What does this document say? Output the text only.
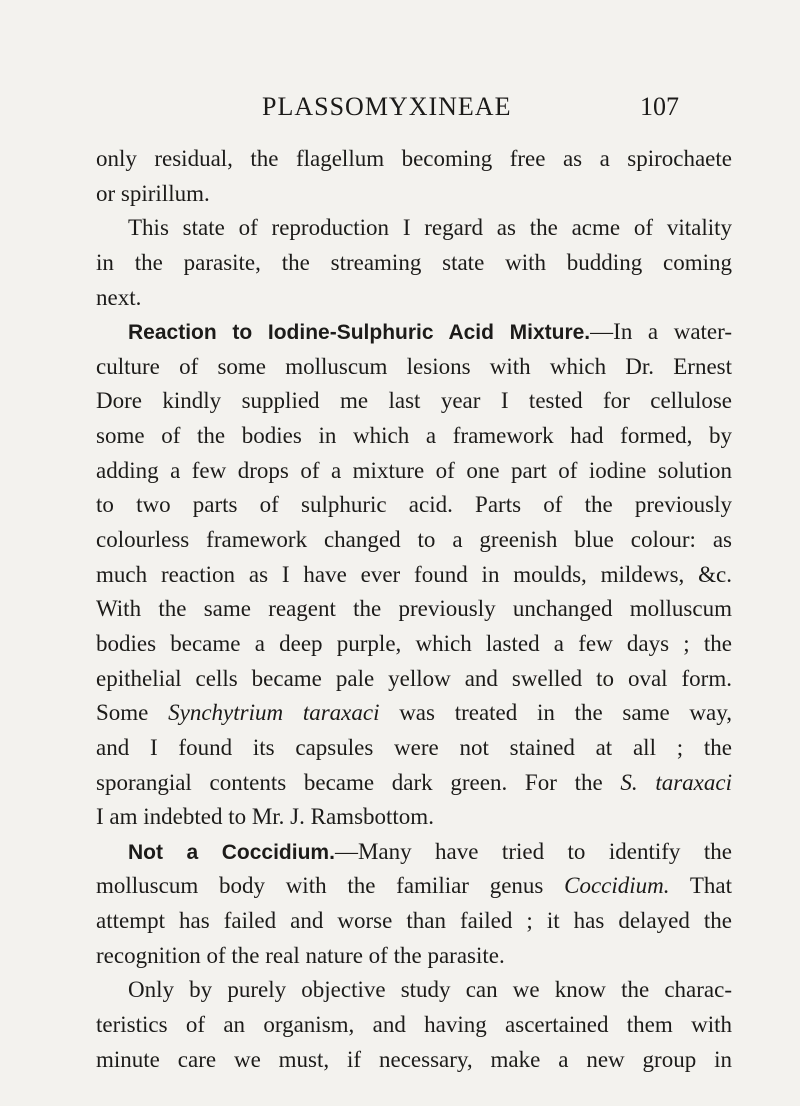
PLASSOMYXINEAE	107
only residual, the flagellum becoming free as a spirochaete
or spirillum.
This state of reproduction I regard as the acme of vitality
in the parasite, the streaming state with budding coming
next.
Reaction to Iodine-Sulphuric Acid Mixture.—In a water-
culture of some molluscum lesions with which Dr. Ernest
Dore kindly supplied me last year I tested for cellulose
some of the bodies in which a framework had formed, by
adding a few drops of a mixture of one part of iodine solution
to two parts of sulphuric acid. Parts of the previously
colourless framework changed to a greenish blue colour: as
much reaction as I have ever found in moulds, mildews, &c.
With the same reagent the previously unchanged molluscum
bodies became a deep purple, which lasted a few days ; the
epithelial cells became pale yellow and swelled to oval form.
Some Synchytrium taraxaci was treated in the same way,
and I found its capsules were not stained at all ; the
sporangial contents became dark green. For the S. taraxaci
I am indebted to Mr. J. Ramsbottom.
Not a Coccidium.—Many have tried to identify the
molluscum body with the familiar genus Coccidium. That
attempt has failed and worse than failed ; it has delayed the
recognition of the real nature of the parasite.
Only by purely objective study can we know the charac-
teristics of an organism, and having ascertained them with
minute care we must, if necessary, make a new group in
